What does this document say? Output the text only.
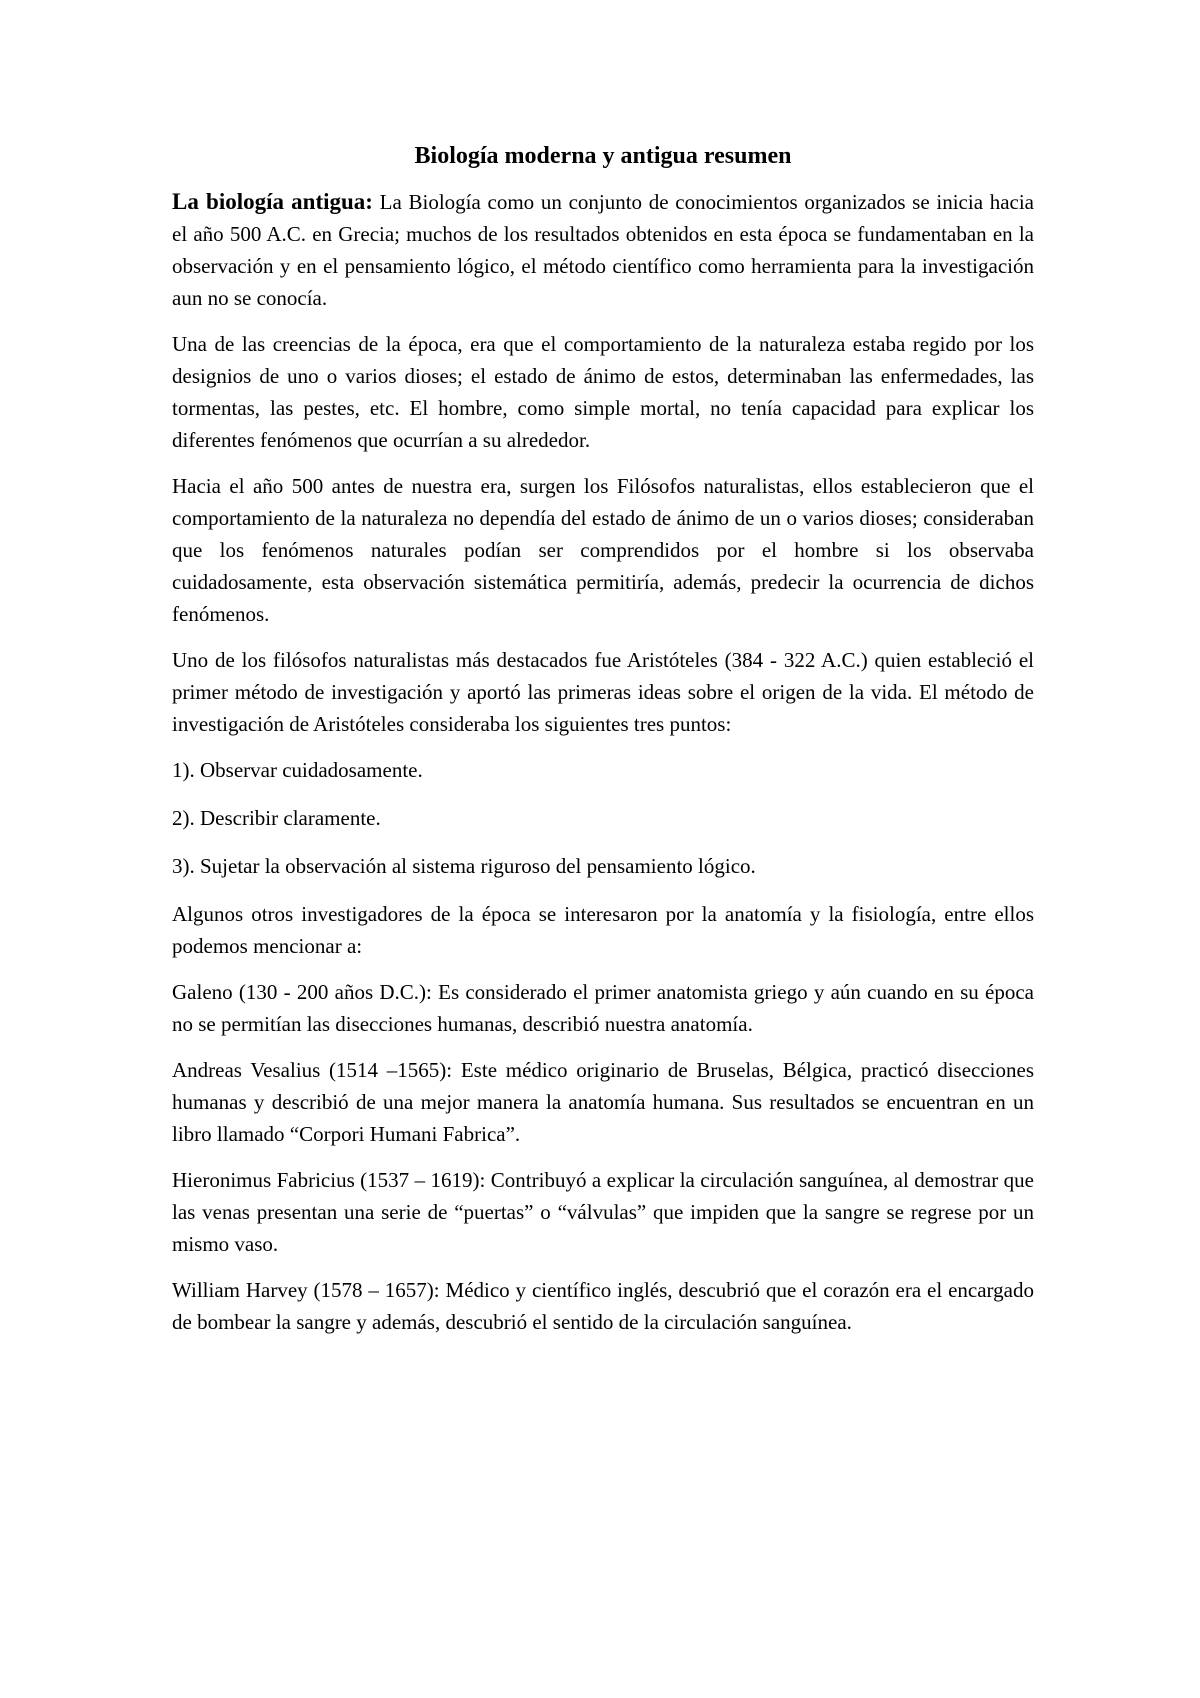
Biología moderna y antigua resumen

La biología antigua: La Biología como un conjunto de conocimientos organizados se inicia hacia el año 500 A.C. en Grecia; muchos de los resultados obtenidos en esta época se fundamentaban en la observación y en el pensamiento lógico, el método científico como herramienta para la investigación aun no se conocía.

Una de las creencias de la época, era que el comportamiento de la naturaleza estaba regido por los designios de uno o varios dioses; el estado de ánimo de estos, determinaban las enfermedades, las tormentas, las pestes, etc. El hombre, como simple mortal, no tenía capacidad para explicar los diferentes fenómenos que ocurrían a su alrededor.

Hacia el año 500 antes de nuestra era, surgen los Filósofos naturalistas, ellos establecieron que el comportamiento de la naturaleza no dependía del estado de ánimo de un o varios dioses; consideraban que los fenómenos naturales podían ser comprendidos por el hombre si los observaba cuidadosamente, esta observación sistemática permitiría, además, predecir la ocurrencia de dichos fenómenos.

Uno de los filósofos naturalistas más destacados fue Aristóteles (384 - 322 A.C.) quien estableció el primer método de investigación y aportó las primeras ideas sobre el origen de la vida. El método de investigación de Aristóteles consideraba los siguientes tres puntos:

1). Observar cuidadosamente.

2). Describir claramente.

3). Sujetar la observación al sistema riguroso del pensamiento lógico.

Algunos otros investigadores de la época se interesaron por la anatomía y la fisiología, entre ellos podemos mencionar a:

Galeno (130 - 200 años D.C.): Es considerado el primer anatomista griego y aún cuando en su época no se permitían las disecciones humanas, describió nuestra anatomía.

Andreas Vesalius (1514 –1565): Este médico originario de Bruselas, Bélgica, practicó disecciones humanas y describió de una mejor manera la anatomía humana. Sus resultados se encuentran en un libro llamado “Corpori Humani Fabrica”.

Hieronimus Fabricius (1537 – 1619): Contribuyó a explicar la circulación sanguínea, al demostrar que las venas presentan una serie de “puertas” o “válvulas” que impiden que la sangre se regrese por un mismo vaso.

William Harvey (1578 – 1657): Médico y científico inglés, descubrió que el corazón era el encargado de bombear la sangre y además, descubrió el sentido de la circulación sanguínea.
